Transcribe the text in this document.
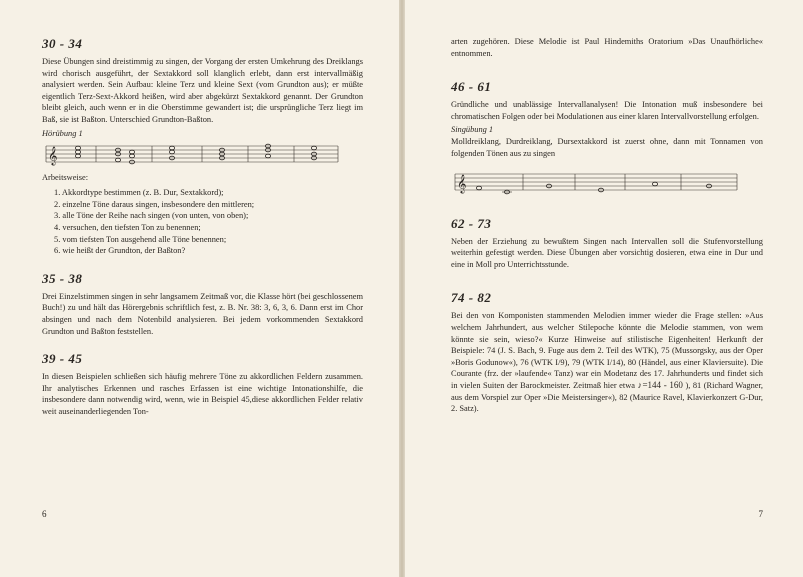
30 - 34

Diese Übungen sind dreistimmig zu singen, der Vorgang der ersten Umkehrung des Dreiklangs wird chorisch ausgeführt, der Sextakkord soll klanglich erlebt, dann erst intervallmäßig analysiert werden. Sein Aufbau: kleine Terz und kleine Sext (vom Grundton aus); er müßte eigentlich Terz-Sext-Akkord heißen, wird aber abgekürzt Sextakkord genannt. Der Grundton bleibt gleich, auch wenn er in die Oberstimme gewandert ist; die ursprüngliche Terz liegt im Baß, sie ist Baßton. Unterschied Grundton-Baßton.

Hörübung 1
𝄞
Arbeitsweise:
1. Akkordtype bestimmen (z. B. Dur, Sextakkord);
2. einzelne Töne daraus singen, insbesondere den mittleren;
3. alle Töne der Reihe nach singen (von unten, von oben);
4. versuchen, den tiefsten Ton zu benennen;
5. vom tiefsten Ton ausgehend alle Töne benennen;
6. wie heißt der Grundton, der Baßton?
35 - 38

Drei Einzelstimmen singen in sehr langsamem Zeitmaß vor, die Klasse hört (bei geschlossenem Buch!) zu und hält das Hörergebnis schriftlich fest, z. B. Nr. 38: 3, 6, 3, 6. Dann erst im Chor absingen und nach dem Notenbild analysieren. Bei jedem vorkommenden Sextakkord Grundton und Baßton feststellen.

39 - 45

In diesen Beispielen schließen sich häufig mehrere Töne zu akkordlichen Feldern zusammen. Ihr analytisches Erkennen und rasches Erfassen ist eine wichtige Intonationshilfe, die insbesondere dann notwendig wird, wenn, wie in Beispiel 45,diese akkordlichen Felder relativ weit auseinanderliegenden Ton-

6

arten zugehören. Diese Melodie ist Paul Hindemiths Oratorium »Das Unaufhörliche« entnommen.

46 - 61

Gründliche und unablässige Intervallanalysen! Die Intonation muß insbesondere bei chromatischen Folgen oder bei Modulationen aus einer klaren Intervallvorstellung erfolgen.

Singübung 1

Molldreiklang, Durdreiklang, Dursextakkord ist zuerst ohne, dann mit Tonnamen von folgenden Tönen aus zu singen

𝄞
62 - 73

Neben der Erziehung zu bewußtem Singen nach Intervallen soll die Stufenvorstellung weiterhin gefestigt werden. Diese Übungen aber vorsichtig dosieren, etwa eine in Dur und eine in Moll pro Unterrichtsstunde.

74 - 82

Bei den von Komponisten stammenden Melodien immer wieder die Frage stellen: »Aus welchem Jahrhundert, aus welcher Stilepoche könnte die Melodie stammen, von wem könnte sie sein, wieso?« Kurze Hinweise auf stilistische Eigenheiten! Herkunft der Beispiele: 74 (J. S. Bach, 9. Fuge aus dem 2. Teil des WTK), 75 (Mussorgsky, aus der Oper »Boris Godunow«), 76 (WTK I/9), 79 (WTK I/14), 80 (Händel, aus einer Klaviersuite). Die Courante (frz. der »laufende« Tanz) war ein Modetanz des 17. Jahrhunderts und findet sich in vielen Suiten der Barockmeister. Zeitmaß hier etwa ♪=144 - 160 ), 81 (Richard Wagner, aus dem Vorspiel zur Oper »Die Meistersinger«), 82 (Maurice Ravel, Klavierkonzert G-Dur, 2. Satz).

7
